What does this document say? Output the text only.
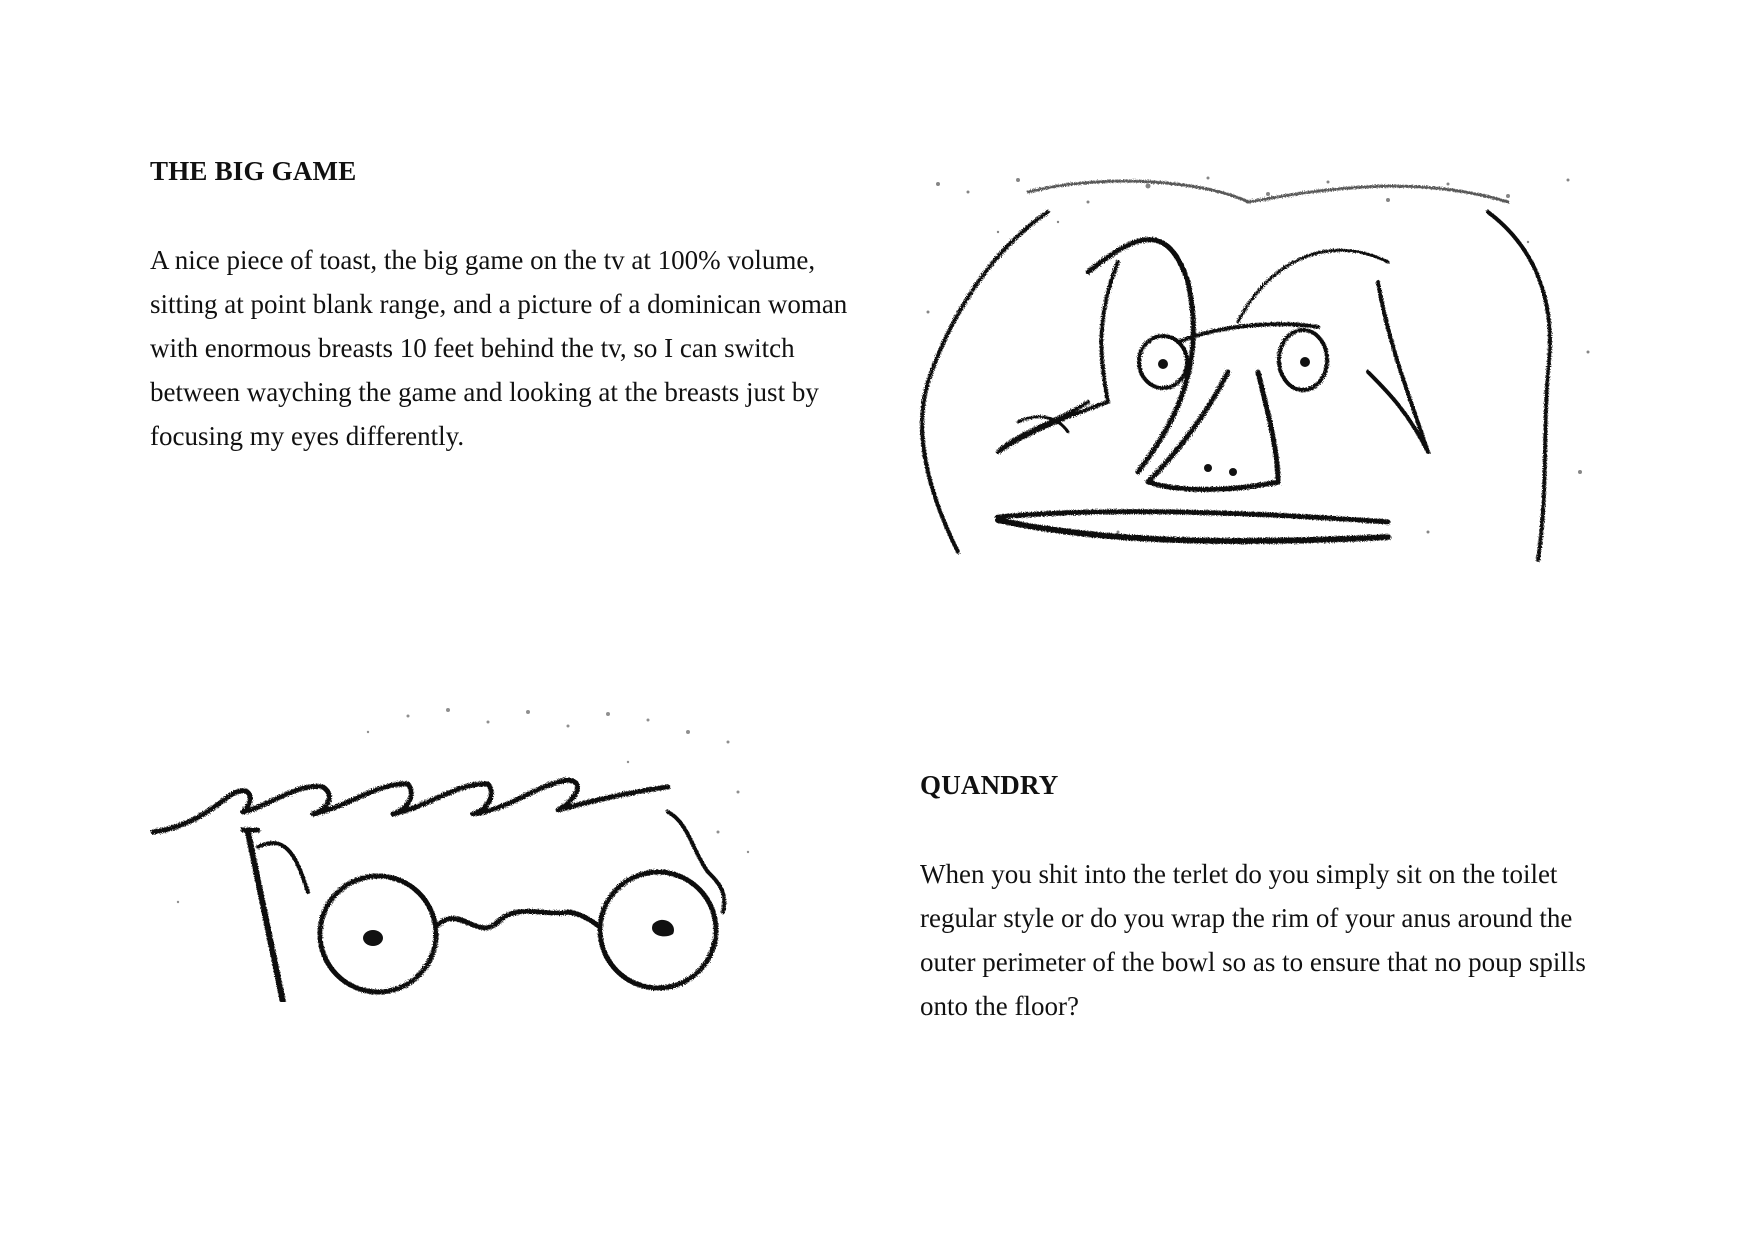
THE BIG GAME

A nice piece of toast, the big game on the tv at 100% volume, sitting at point blank range, and a picture of a dominican woman with enormous breasts 10 feet behind the tv, so I can switch between wayching the game and looking at the breasts just by focusing my eyes differently.

QUANDRY

When you shit into the terlet do you simply sit on the toilet regular style or do you wrap the rim of your anus around the outer perimeter of the bowl so as to ensure that no poup spills onto the floor?
